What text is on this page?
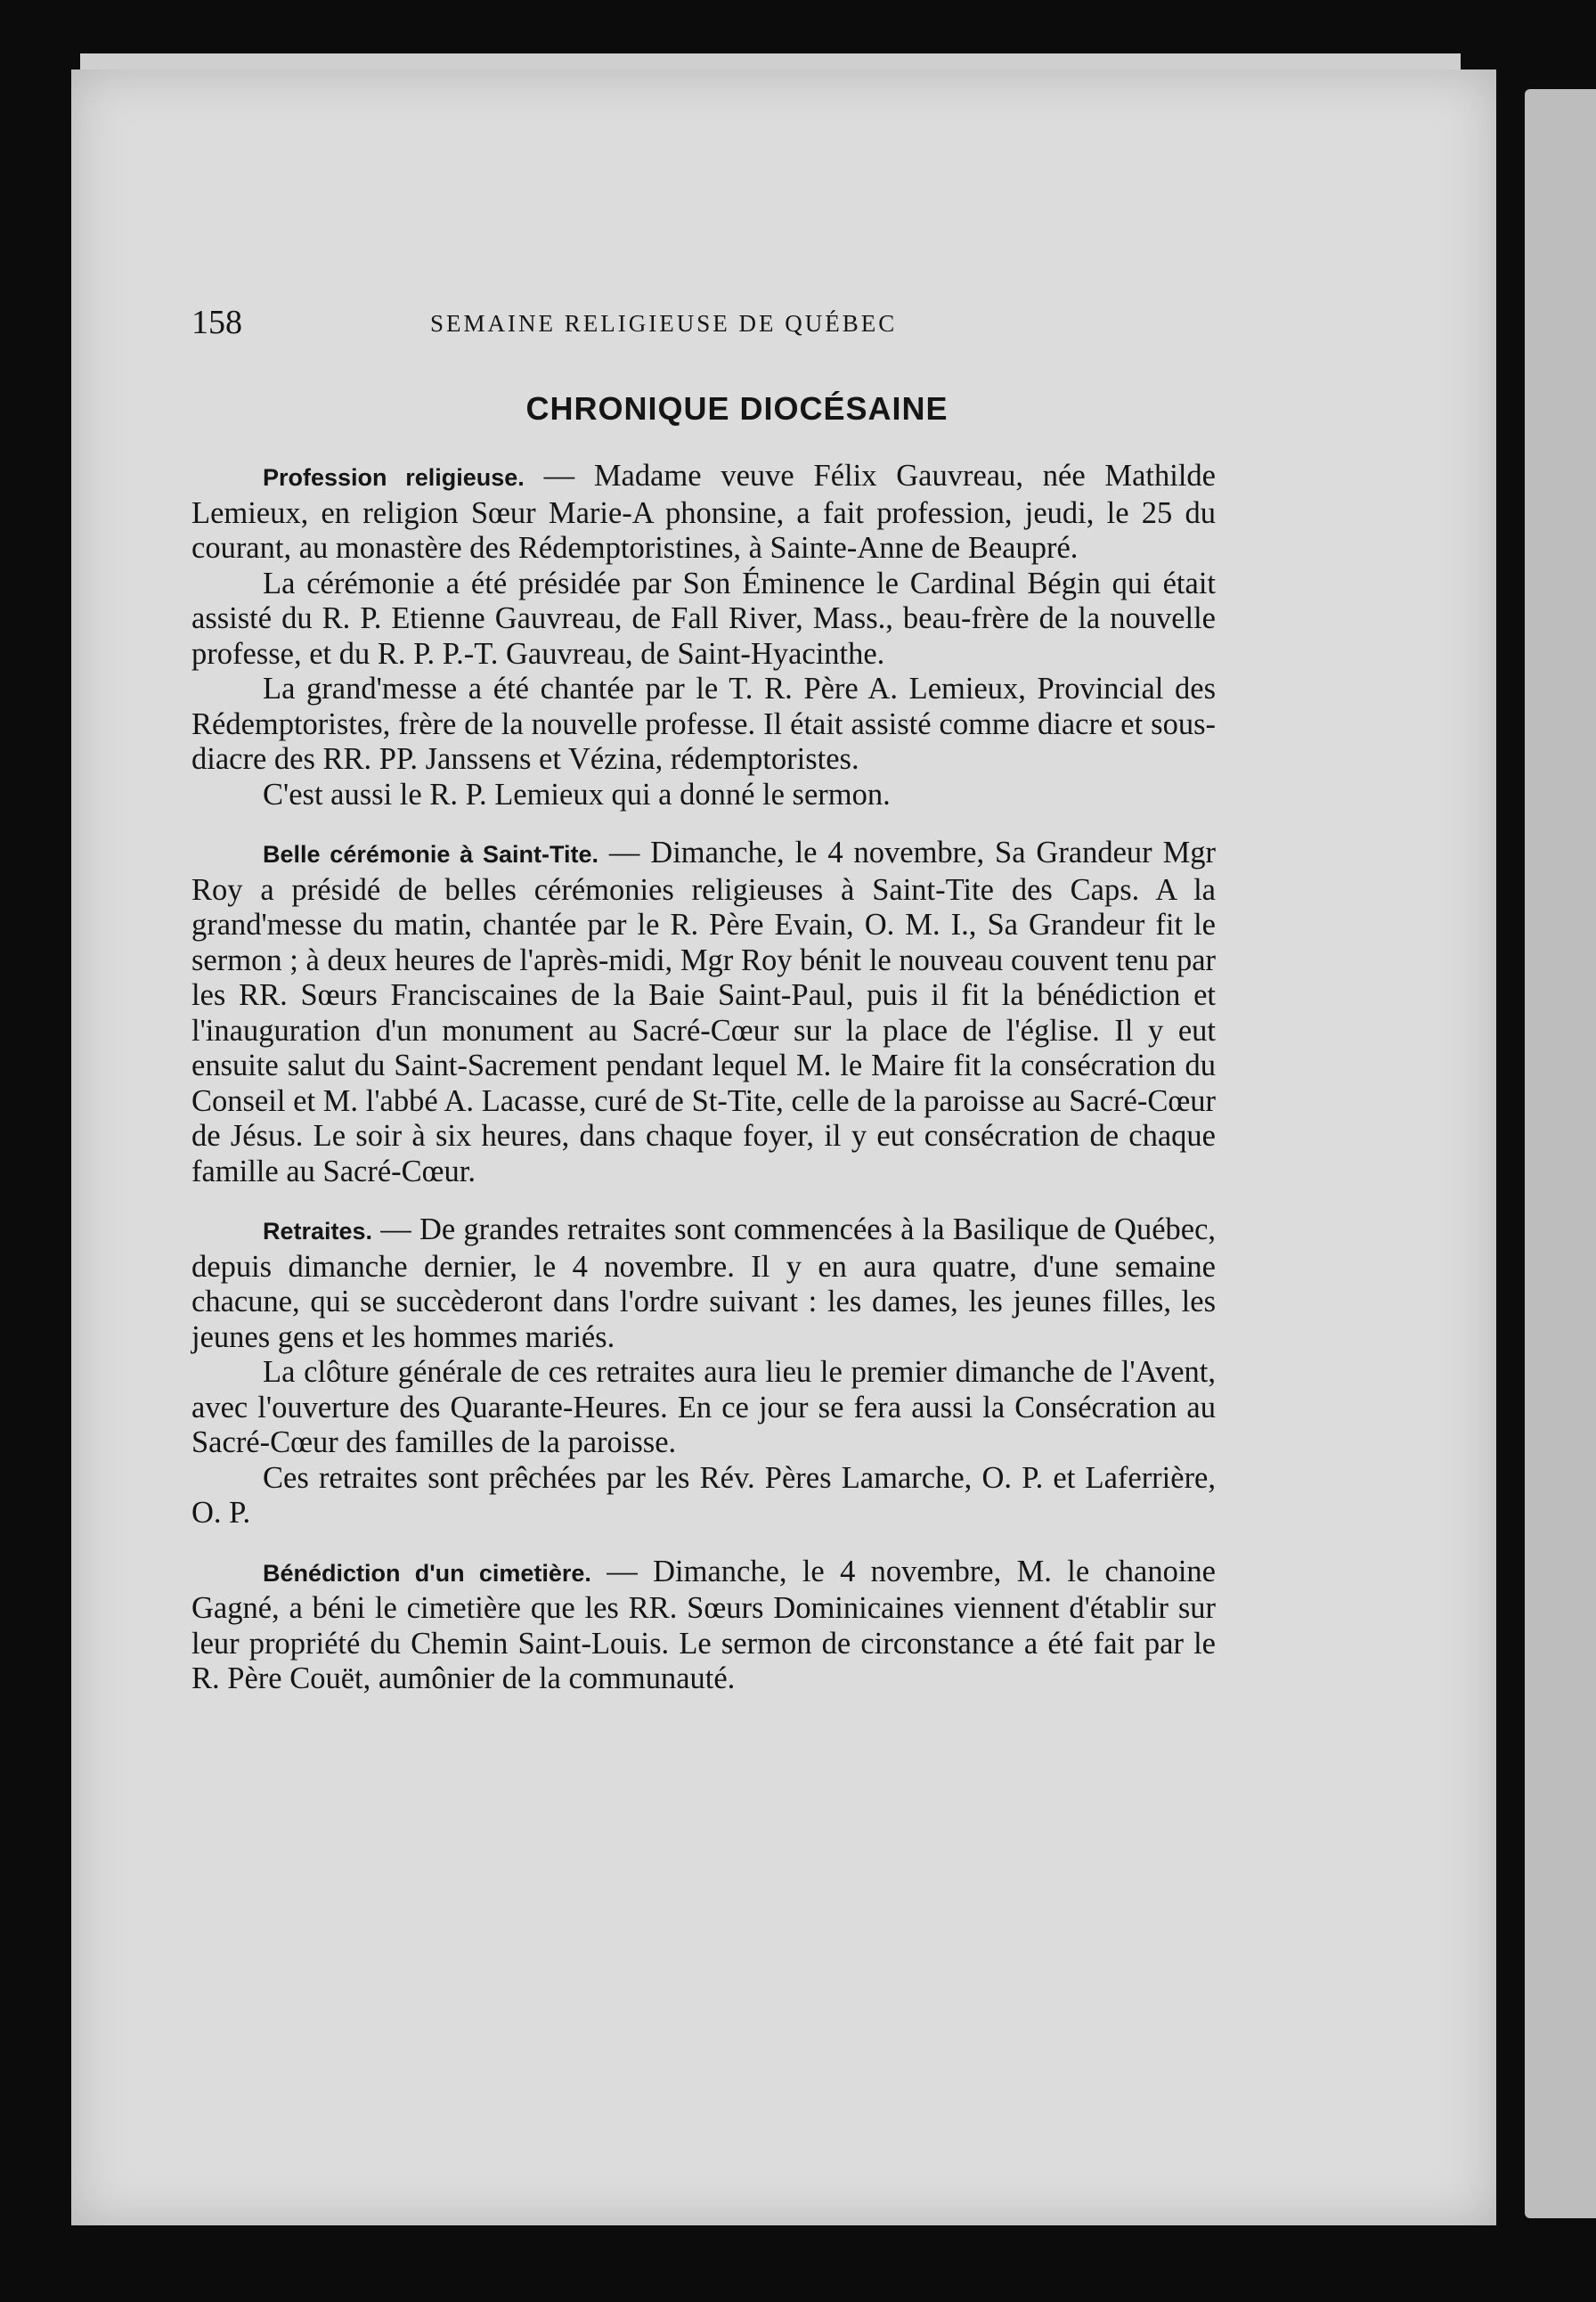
158	SEMAINE RELIGIEUSE DE QUÉBEC
CHRONIQUE DIOCÉSAINE

Profession religieuse. — Madame veuve Félix Gauvreau, née Mathilde Lemieux, en religion Sœur Marie-A phonsine, a fait profession, jeudi, le 25 du courant, au monastère des Rédemptoristines, à Sainte-Anne de Beaupré.

La cérémonie a été présidée par Son Éminence le Cardinal Bégin qui était assisté du R. P. Etienne Gauvreau, de Fall River, Mass., beau-frère de la nouvelle professe, et du R. P. P.-T. Gauvreau, de Saint-Hyacinthe.

La grand'messe a été chantée par le T. R. Père A. Lemieux, Provincial des Rédemptoristes, frère de la nouvelle professe. Il était assisté comme diacre et sous-diacre des RR. PP. Janssens et Vézina, rédemptoristes.

C'est aussi le R. P. Lemieux qui a donné le sermon.

Belle cérémonie à Saint-Tite. — Dimanche, le 4 novembre, Sa Grandeur Mgr Roy a présidé de belles cérémonies religieuses à Saint-Tite des Caps. A la grand'messe du matin, chantée par le R. Père Evain, O. M. I., Sa Grandeur fit le sermon ; à deux heures de l'après-midi, Mgr Roy bénit le nouveau couvent tenu par les RR. Sœurs Franciscaines de la Baie Saint-Paul, puis il fit la bénédiction et l'inauguration d'un monument au Sacré-Cœur sur la place de l'église. Il y eut ensuite salut du Saint-Sacrement pendant lequel M. le Maire fit la consécration du Conseil et M. l'abbé A. Lacasse, curé de St-Tite, celle de la paroisse au Sacré-Cœur de Jésus. Le soir à six heures, dans chaque foyer, il y eut consécration de chaque famille au Sacré-Cœur.

Retraites. — De grandes retraites sont commencées à la Basilique de Québec, depuis dimanche dernier, le 4 novembre. Il y en aura quatre, d'une semaine chacune, qui se succèderont dans l'ordre suivant : les dames, les jeunes filles, les jeunes gens et les hommes mariés.

La clôture générale de ces retraites aura lieu le premier dimanche de l'Avent, avec l'ouverture des Quarante-Heures. En ce jour se fera aussi la Consécration au Sacré-Cœur des familles de la paroisse.

Ces retraites sont prêchées par les Rév. Pères Lamarche, O. P. et Laferrière, O. P.

Bénédiction d'un cimetière. — Dimanche, le 4 novembre, M. le chanoine Gagné, a béni le cimetière que les RR. Sœurs Dominicaines viennent d'établir sur leur propriété du Chemin Saint-Louis. Le sermon de circonstance a été fait par le R. Père Couët, aumônier de la communauté.
